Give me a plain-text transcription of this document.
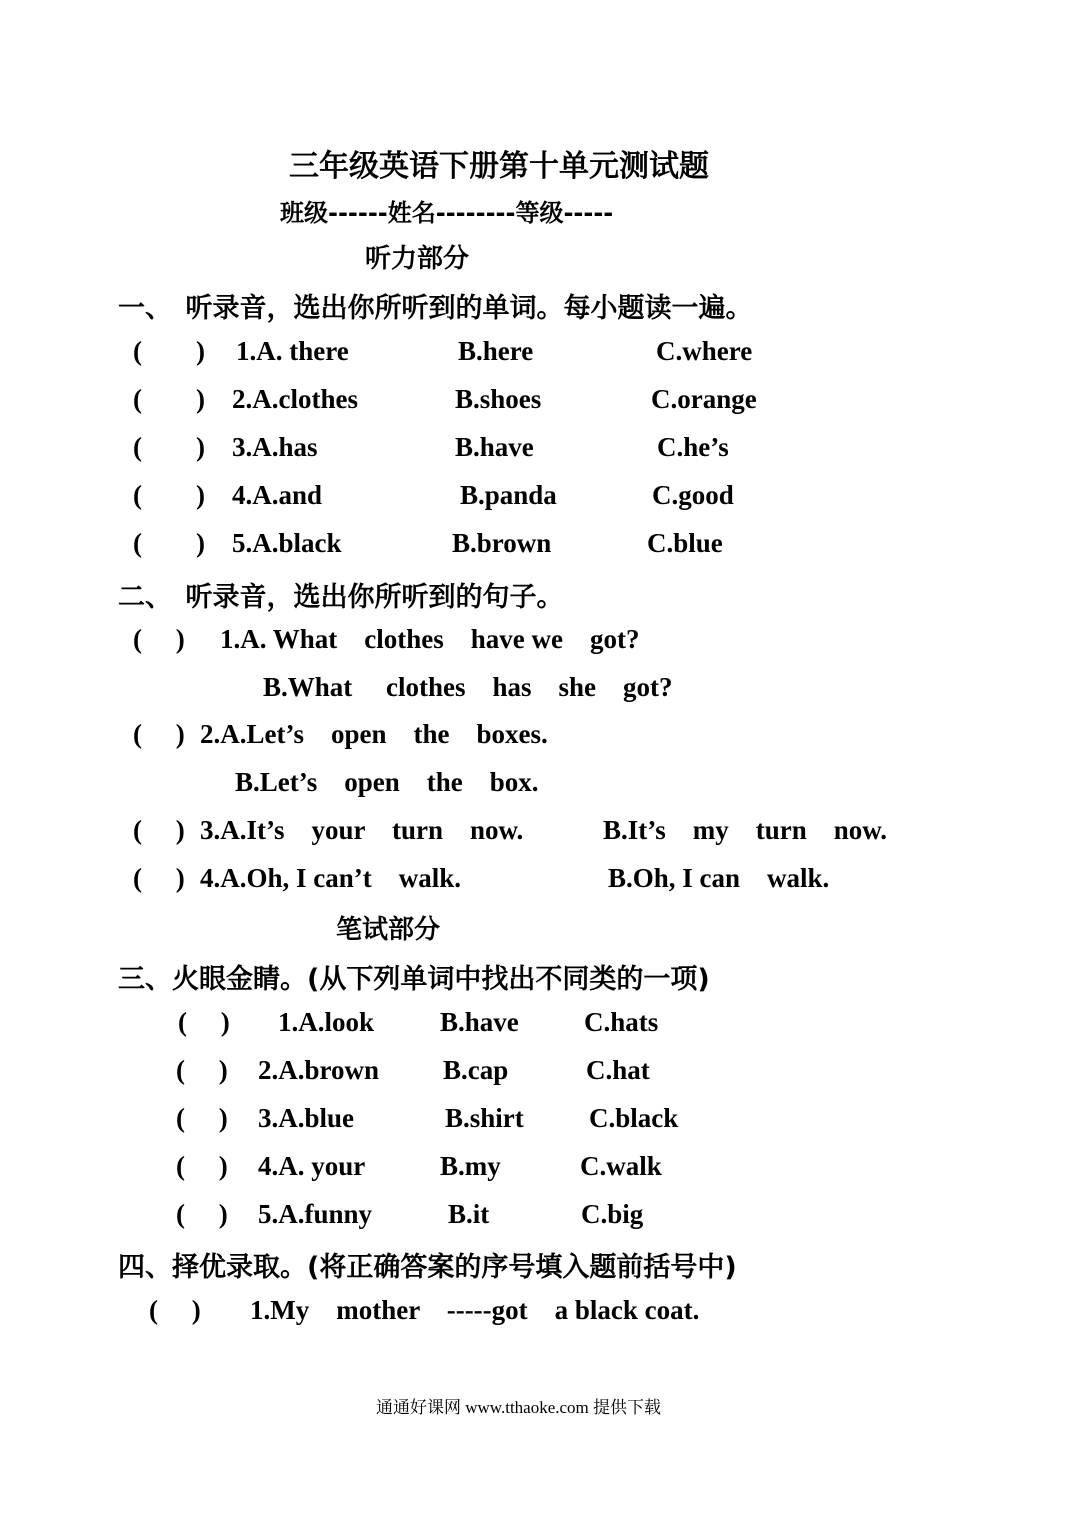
三年级英语下册第十单元测试题
班级------姓名--------等级-----
听力部分
一、　听录音，选出你所听到的单词。每小题读一遍。
(　　) 1.A. there	B.here	C.where
(　　) 2.A.clothes	B.shoes	C.orange
(　　) 3.A.has	B.have	C.he’s
(　　) 4.A.and	B.panda	C.good
(　　) 5.A.black	B.brown	C.blue
二、　听录音，选出你所听到的句子。
(　 ) 1.A. What　clothes　have we　got?
B.What　 clothes　has　she　got?
(　 ) 2.A.Let’s　open　the　boxes.
B.Let’s　open　the　box.
(　 ) 3.A.It’s　your　turn　now.	B.It’s　my　turn　now.
(　 ) 4.A.Oh, I can’t　walk.	B.Oh, I can　walk.
笔试部分
三、火眼金睛。(从下列单词中找出不同类的一项)
(　 ) 1.A.look B.have C.hats
(　 ) 2.A.brown B.cap	C.hat
(　 ) 3.A.blue	B.shirt C.black
(　 ) 4.A. your	B.my	C.walk
(　 ) 5.A.funny	B.it	C.big
四、择优录取。(将正确答案的序号填入题前括号中)
(　 ) 1.My　mother　-----got　a black coat.
通通好课网 www.tthaoke.com 提供下载
